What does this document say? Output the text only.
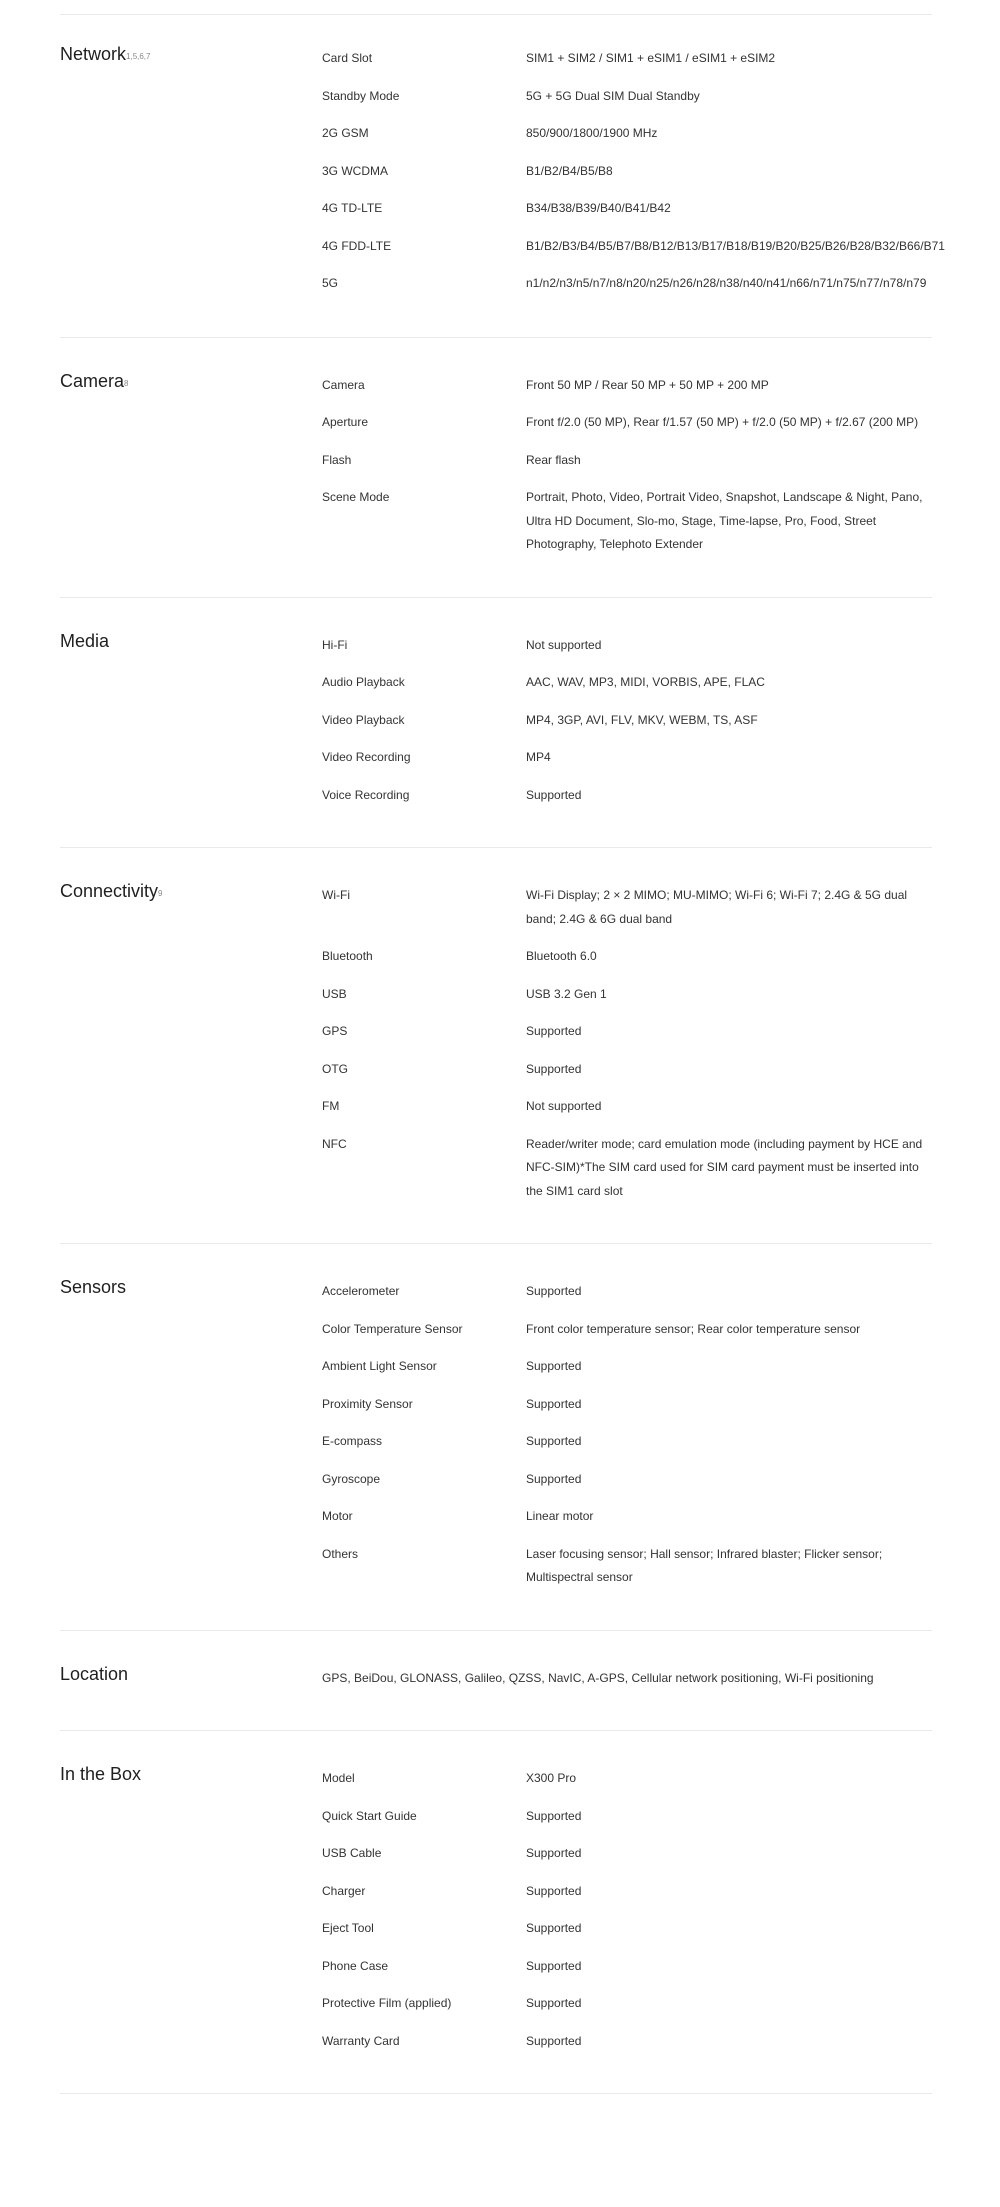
Network$^{1,5,6,7}$	Card Slot	SIM1 + SIM2 / SIM1 + eSIM1 / eSIM1 + eSIM2
Standby Mode	5G + 5G Dual SIM Dual Standby
2G GSM	850/900/1800/1900 MHz
3G WCDMA	B1/B2/B4/B5/B8
4G TD-LTE	B34/B38/B39/B40/B41/B42
4G FDD-LTE	B1/B2/B3/B4/B5/B7/B8/B12/B13/B17/B18/B19/B20/B25/B26/B28/B32/B66/B71
5G	n1/n2/n3/n5/n7/n8/n20/n25/n26/n28/n38/n40/n41/n66/n71/n75/n77/n78/n79
Camera$^8$	Camera	Front 50 MP / Rear 50 MP + 50 MP + 200 MP
Aperture	Front f/2.0 (50 MP), Rear f/1.57 (50 MP) + f/2.0 (50 MP) + f/2.67 (200 MP)
Flash	Rear flash
Scene Mode	Portrait, Photo, Video, Portrait Video, Snapshot, Landscape & Night, Pano, Ultra HD Document, Slo-mo, Stage, Time-lapse, Pro, Food, Street Photography, Telephoto Extender
Media	Hi-Fi	Not supported
Audio Playback	AAC, WAV, MP3, MIDI, VORBIS, APE, FLAC
Video Playback	MP4, 3GP, AVI, FLV, MKV, WEBM, TS, ASF
Video Recording	MP4
Voice Recording	Supported
Connectivity$^9$	Wi-Fi	Wi-Fi Display; 2 × 2 MIMO; MU-MIMO; Wi-Fi 6; Wi-Fi 7; 2.4G & 5G dual band; 2.4G & 6G dual band
Bluetooth	Bluetooth 6.0
USB	USB 3.2 Gen 1
GPS	Supported
OTG	Supported
FM	Not supported
NFC	Reader/writer mode; card emulation mode (including payment by HCE and NFC-SIM)*The SIM card used for SIM card payment must be inserted into the SIM1 card slot
Sensors	Accelerometer	Supported
Color Temperature Sensor	Front color temperature sensor; Rear color temperature sensor
Ambient Light Sensor	Supported
Proximity Sensor	Supported
E-compass	Supported
Gyroscope	Supported
Motor	Linear motor
Others	Laser focusing sensor; Hall sensor; Infrared blaster; Flicker sensor; Multispectral sensor
Location	GPS, BeiDou, GLONASS, Galileo, QZSS, NavIC, A-GPS, Cellular network positioning, Wi-Fi positioning
In the Box	Model	X300 Pro
Quick Start Guide	Supported
USB Cable	Supported
Charger	Supported
Eject Tool	Supported
Phone Case	Supported
Protective Film (applied)	Supported
Warranty Card	Supported
